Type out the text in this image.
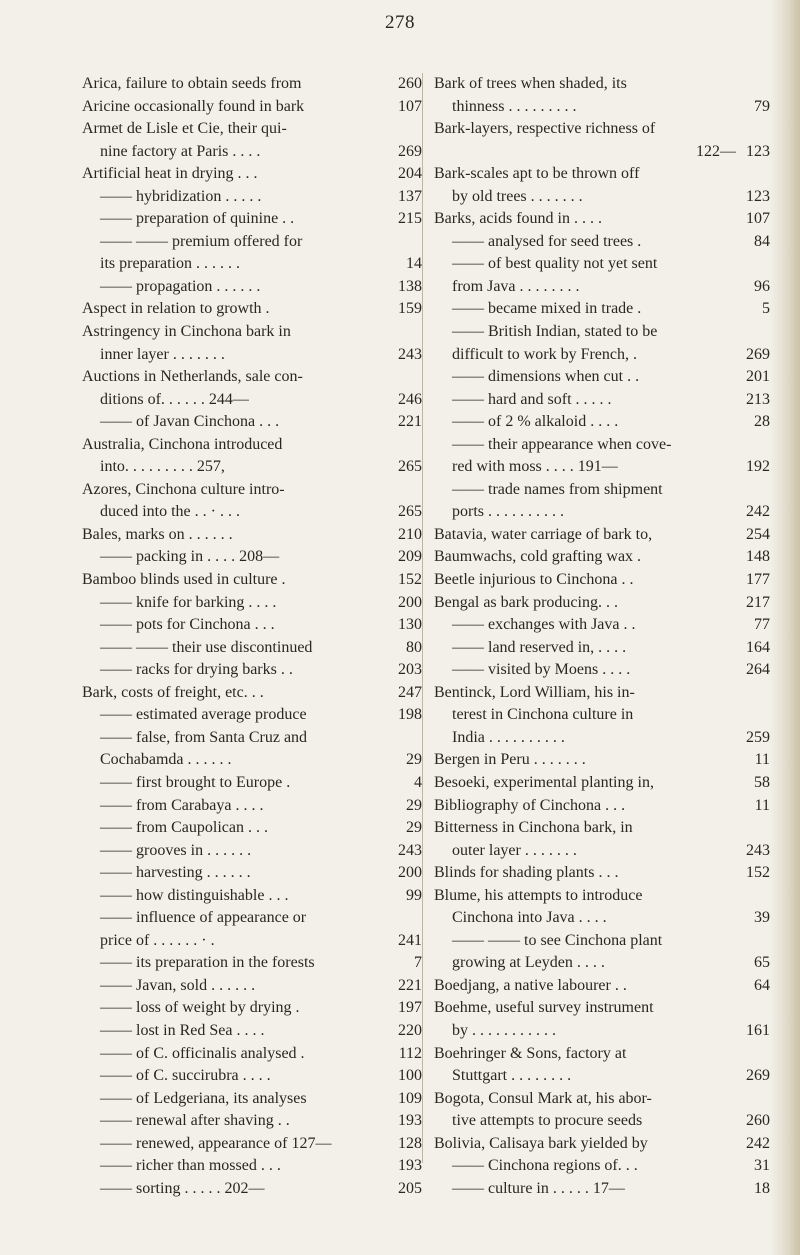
278
Arica, failure to obtain seeds from	260
Aricine occasionally found in bark	107
Armet de Lisle et Cie, their qui-
nine factory at Paris . . . .	269
Artificial heat in drying . . .	204
—— hybridization . . . . .	137
—— preparation of quinine . .	215
—— —— premium offered for
its preparation . . . . . .	14
—— propagation . . . . . .	138
Aspect in relation to growth .	159
Astringency in Cinchona bark in
inner layer . . . . . . .	243
Auctions in Netherlands, sale con-
ditions of. . . . . . 244—	246
—— of Javan Cinchona . . .	221
Australia, Cinchona introduced
into. . . . . . . . . 257,	265
Azores, Cinchona culture intro-
duced into the . . · . . .	265
Bales, marks on . . . . . .	210
—— packing in . . . . 208—	209
Bamboo blinds used in culture .	152
—— knife for barking . . . .	200
—— pots for Cinchona . . .	130
—— —— their use discontinued	80
—— racks for drying barks . .	203
Bark, costs of freight, etc. . .	247
—— estimated average produce	198
—— false, from Santa Cruz and
Cochabamda . . . . . .	29
—— first brought to Europe .	4
—— from Carabaya . . . .	29
—— from Caupolican . . .	29
—— grooves in . . . . . .	243
—— harvesting . . . . . .	200
—— how distinguishable . . .	99
—— influence of appearance or
price of . . . . . . · .	241
—— its preparation in the forests	7
—— Javan, sold . . . . . .	221
—— loss of weight by drying .	197
—— lost in Red Sea . . . .	220
—— of C. officinalis analysed .	112
—— of C. succirubra . . . .	100
—— of Ledgeriana, its analyses	109
—— renewal after shaving . .	193
—— renewed, appearance of 127—	128
—— richer than mossed . . .	193
—— sorting . . . . . 202—	205
Bark of trees when shaded, its
thinness . . . . . . . . .	79
Bark-layers, respective richness of
122— 123
Bark-scales apt to be thrown off
by old trees . . . . . . .	123
Barks, acids found in . . . .	107
—— analysed for seed trees .	84
—— of best quality not yet sent
from Java . . . . . . . .	96
—— became mixed in trade .	5
—— British Indian, stated to be
difficult to work by French, .	269
—— dimensions when cut . .	201
—— hard and soft . . . . .	213
—— of 2 % alkaloid . . . .	28
—— their appearance when cove-
red with moss . . . . 191—	192
—— trade names from shipment
ports . . . . . . . . . .	242
Batavia, water carriage of bark to,	254
Baumwachs, cold grafting wax .	148
Beetle injurious to Cinchona . .	177
Bengal as bark producing. . .	217
—— exchanges with Java . .	77
—— land reserved in, . . . .	164
—— visited by Moens . . . .	264
Bentinck, Lord William, his in-
terest in Cinchona culture in
India . . . . . . . . . .	259
Bergen in Peru . . . . . . .	11
Besoeki, experimental planting in,	58
Bibliography of Cinchona . . .	11
Bitterness in Cinchona bark, in
outer layer . . . . . . .	243
Blinds for shading plants . . .	152
Blume, his attempts to introduce
Cinchona into Java . . . .	39
—— —— to see Cinchona plant
growing at Leyden . . . .	65
Boedjang, a native labourer . .	64
Boehme, useful survey instrument
by . . . . . . . . . . .	161
Boehringer & Sons, factory at
Stuttgart . . . . . . . .	269
Bogota, Consul Mark at, his abor-
tive attempts to procure seeds	260
Bolivia, Calisaya bark yielded by	242
—— Cinchona regions of. . .	31
—— culture in . . . . . 17—	18
